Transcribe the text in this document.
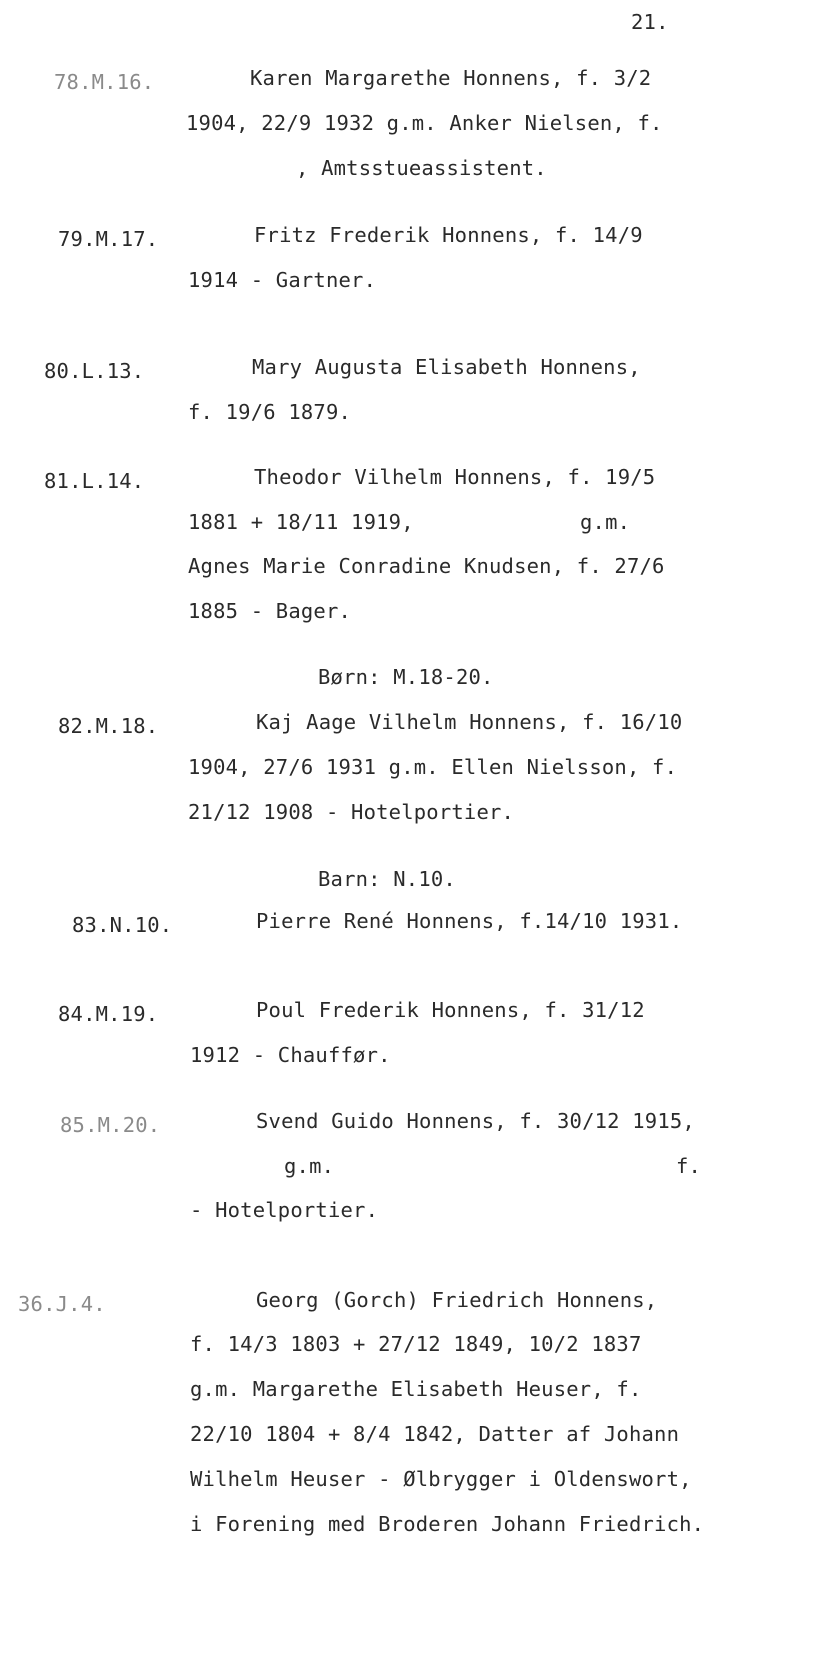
21.
78.M.16.	Karen Margarethe Honnens, f. 3/2
1904, 22/9 1932 g.m. Anker Nielsen, f.
, Amtsstueassistent.
79.M.17.	Fritz Frederik Honnens, f. 14/9
1914 - Gartner.
80.L.13.	Mary Augusta Elisabeth Honnens,
f. 19/6 1879.
81.L.14.	Theodor Vilhelm Honnens, f. 19/5
1881 + 18/11 1919,	g.m.
Agnes Marie Conradine Knudsen, f. 27/6
1885 - Bager.
Børn: M.18-20.
82.M.18.	Kaj Aage Vilhelm Honnens, f. 16/10
1904, 27/6 1931 g.m. Ellen Nielsson, f.
21/12 1908 - Hotelportier.
Barn: N.10.
83.N.10.	Pierre René Honnens, f.14/10 1931.
84.M.19.	Poul Frederik Honnens, f. 31/12
1912 - Chauffør.
85.M.20.	Svend Guido Honnens, f. 30/12 1915,
g.m.	f.
- Hotelportier.
36.J.4.	Georg (Gorch) Friedrich Honnens,
f. 14/3 1803 + 27/12 1849, 10/2 1837
g.m. Margarethe Elisabeth Heuser, f.
22/10 1804 + 8/4 1842, Datter af Johann
Wilhelm Heuser - Ølbrygger i Oldenswort,
i Forening med Broderen Johann Friedrich.
